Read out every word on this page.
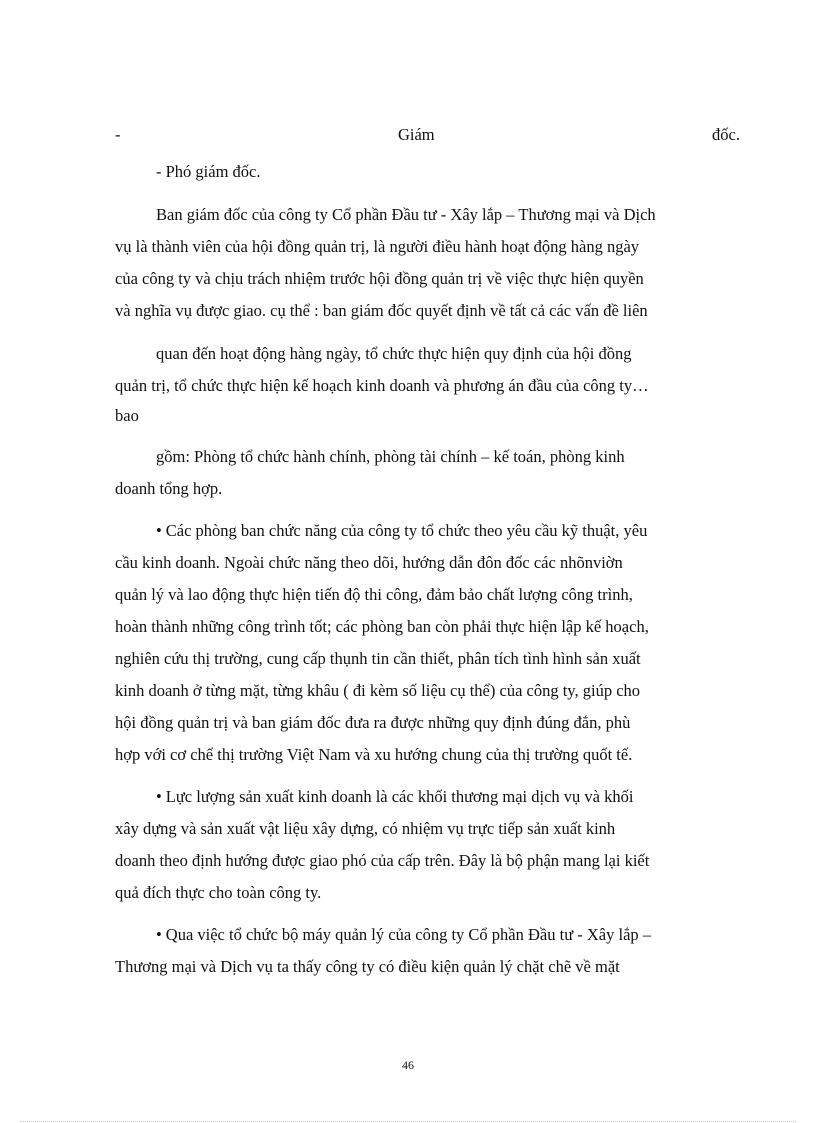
-	Giám	đốc.
- Phó giám đốc.
Ban giám đốc của công ty Cổ phần Đầu tư - Xây lắp – Thương mại và Dịch
vụ là thành viên của hội đồng quản trị, là người điều hành hoạt động hàng ngày
của công ty và chịu trách nhiệm trước hội đồng quản trị về việc thực hiện quyền
và nghĩa vụ được giao. cụ thể : ban giám đốc quyết định về tất cả các vấn đề liên
quan đến hoạt động hàng ngày, tổ chức thực hiện quy định của hội đồng
quản trị, tổ chức thực hiện kế hoạch kinh doanh và phương án đầu của công ty…
bao
gồm: Phòng tổ chức hành chính, phòng tài chính – kế toán, phòng kinh
doanh tổng hợp.
• Các phòng ban chức năng của công ty tổ chức theo yêu cầu kỹ thuật, yêu
cầu kinh doanh. Ngoài chức năng theo dõi, hướng dẫn đôn đốc các nhõnviờn
quản lý và lao động thực hiện tiến độ thi công, đảm bảo chất lượng công trình,
hoàn thành những công trình tốt; các phòng ban còn phải thực hiện lập kế hoạch,
nghiên cứu thị trường, cung cấp thụnh tin cần thiết, phân tích tình hình sản xuất
kinh doanh ở từng mặt, từng khâu ( đi kèm số liệu cụ thể) của công ty, giúp cho
hội đồng quản trị và ban giám đốc đưa ra được những quy định đúng đắn, phù
hợp với cơ chế thị trường Việt Nam và xu hướng chung của thị trường quốt tế.
• Lực lượng sản xuất kinh doanh là các khối thương mại dịch vụ và khối
xây dựng và sản xuất vật liệu xây dựng, có nhiệm vụ trực tiếp sản xuất kinh
doanh theo định hướng được giao phó của cấp trên. Đây là bộ phận mang lại kiết
quả đích thực cho toàn công ty.
• Qua việc tổ chức bộ máy quản lý của công ty Cổ phần Đầu tư - Xây lắp –
Thương mại và Dịch vụ ta thấy công ty có điều kiện quản lý chặt chẽ về mặt
46
